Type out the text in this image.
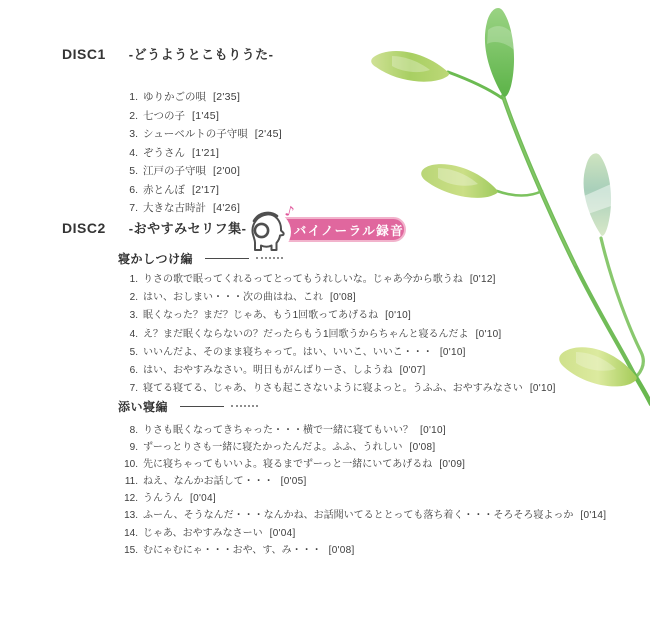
DISC1 -どうようとこもりうた-
1. ゆりかごの唄 [2'35]
2. 七つの子 [1'45]
3. シューベルトの子守唄 [2'45]
4. ぞうさん [1'21]
5. 江戸の子守唄 [2'00]
6. 赤とんぼ [2'17]
7. 大きな古時計 [4'26]
DISC2 -おやすみセリフ集-	バイノーラル録音
♪
寝かしつけ編
1. りさの歌で眠ってくれるってとってもうれしいな。じゃあ今から歌うね [0'12]
2. はい、おしまい・・・次の曲はね、これ [0'08]
3. 眠くなった？まだ？じゃあ、もう1回歌ってあげるね [0'10]
4. え？まだ眠くならないの？だったらもう1回歌うからちゃんと寝るんだよ [0'10]
5. いいんだよ、そのまま寝ちゃって。はい、いいこ、いいこ・・・ [0'10]
6. はい、おやすみなさい。明日もがんばりーさ、しようね [0'07]
7. 寝てる寝てる、じゃあ、りさも起こさないように寝よっと。うふふ、おやすみなさい [0'10]
添い寝編
8. りさも眠くなってきちゃった・・・横で一緒に寝てもいい？ [0'10]
9. ずーっとりさも一緒に寝たかったんだよ。ふふ、うれしい [0'08]
10. 先に寝ちゃってもいいよ。寝るまでずーっと一緒にいてあげるね [0'09]
11. ねえ、なんかお話して・・・ [0'05]
12. うんうん [0'04]
13. ふーん、そうなんだ・・・なんかね、お話聞いてるととっても落ち着く・・・そろそろ寝よっか [0'14]
14. じゃあ、おやすみなさーい [0'04]
15. むにゃむにゃ・・・おや、す、み・・・ [0'08]
